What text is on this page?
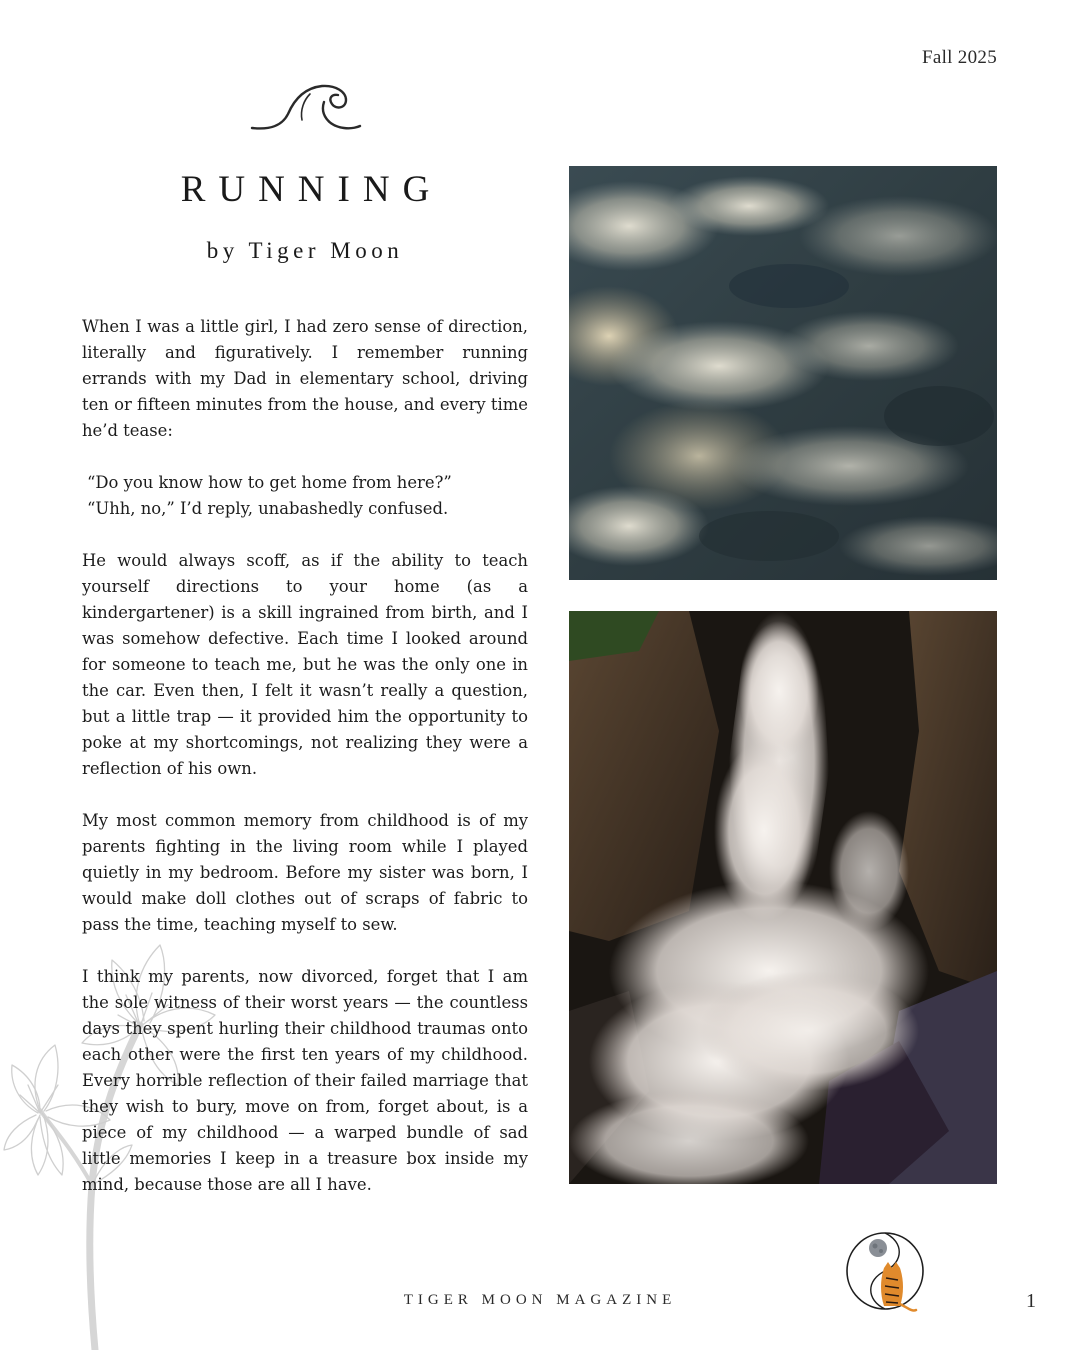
Fall 2025
RUNNING
by Tiger Moon

When I was a little girl, I had zero sense of direction, literally and figuratively. I remember running errands with my Dad in elementary school, driving ten or fifteen minutes from the house, and every time he’d tease:

“Do you know how to get home from here?”
“Uhh, no,” I’d reply, unabashedly confused.

He would always scoff, as if the ability to teach yourself directions to your home (as a kindergartener) is a skill ingrained from birth, and I was somehow defective. Each time I looked around for someone to teach me, but he was the only one in the car. Even then, I felt it wasn’t really a question, but a little trap — it provided him the opportunity to poke at my shortcomings, not realizing they were a reflection of his own.

My most common memory from childhood is of my parents fighting in the living room while I played quietly in my bedroom. Before my sister was born, I would make doll clothes out of scraps of fabric to pass the time, teaching myself to sew.

I think my parents, now divorced, forget that I am the sole witness of their worst years — the countless days they spent hurling their childhood traumas onto each other were the first ten years of my childhood. Every horrible reflection of their failed marriage that they wish to bury, move on from, forget about, is a piece of my childhood — a warped bundle of sad little memories I keep in a treasure box inside my mind, because those are all I have.

TIGER MOON MAGAZINE	1
